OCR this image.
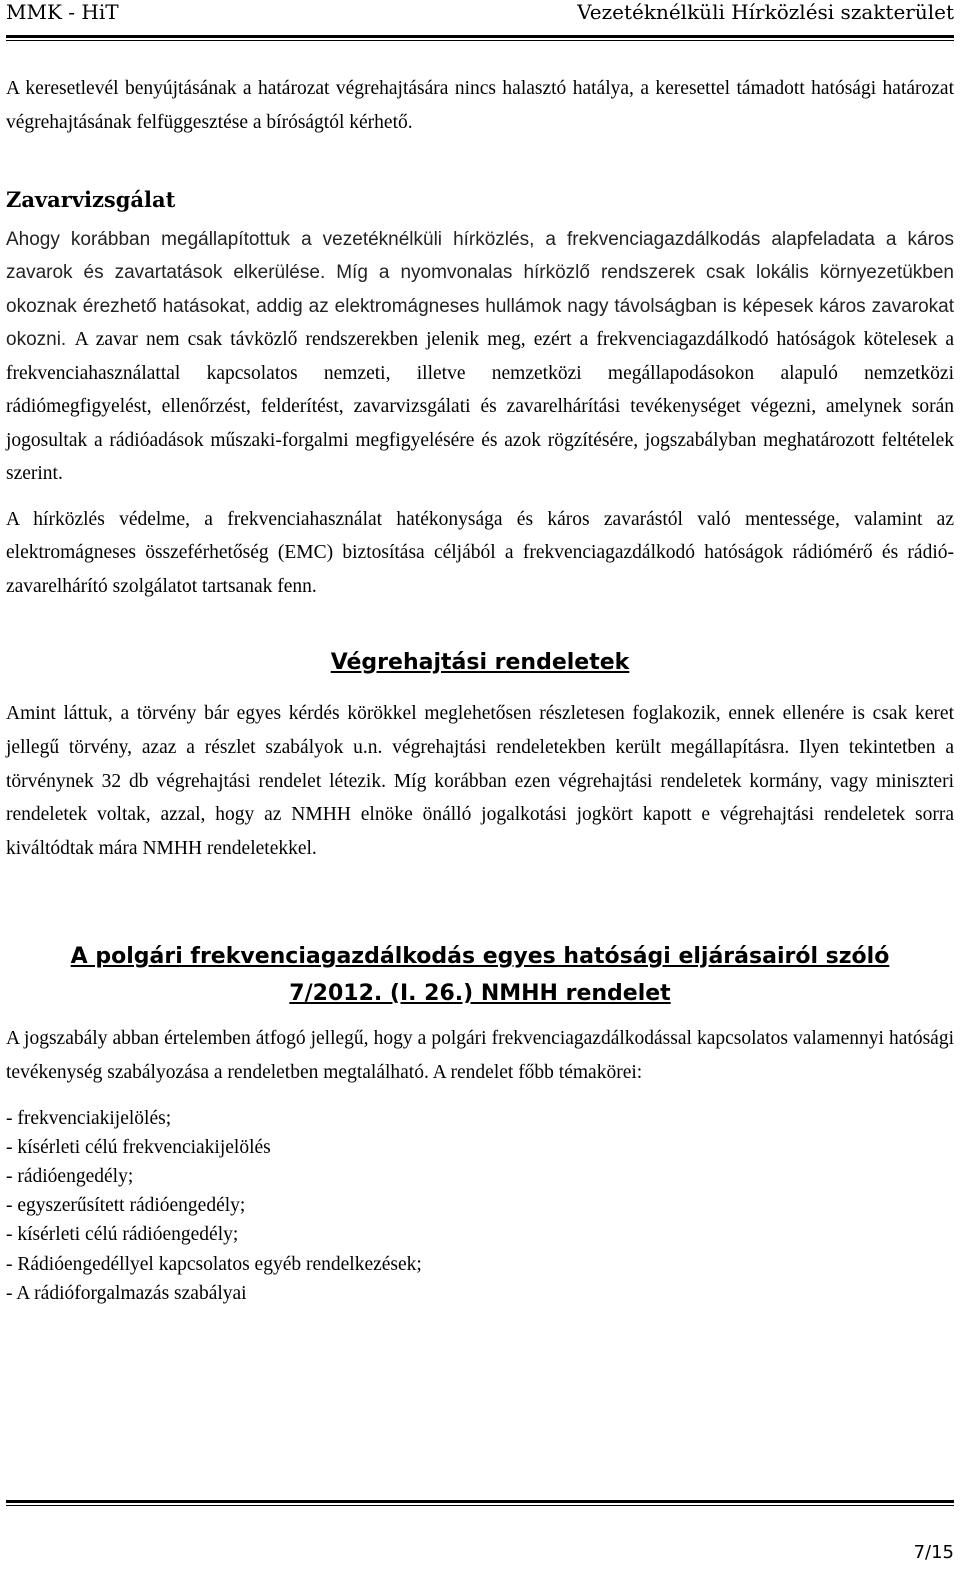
MMK - HiT	Vezetéknélküli Hírközlési szakterület

A keresetlevél benyújtásának a határozat végrehajtására nincs halasztó hatálya, a keresettel támadott hatósági határozat végrehajtásának felfüggesztése a bíróságtól kérhető.

Zavarvizsgálat

Ahogy korábban megállapítottuk a vezetéknélküli hírközlés, a frekvenciagazdálkodás alapfeladata a káros zavarok és zavartatások elkerülése. Míg a nyomvonalas hírközlő rendszerek csak lokális környezetükben okoznak érezhető hatásokat, addig az elektromágneses hullámok nagy távolságban is képesek káros zavarokat okozni. A zavar nem csak távközlő rendszerekben jelenik meg, ezért a frekvenciagazdálkodó hatóságok kötelesek a frekvenciahasználattal kapcsolatos nemzeti, illetve nemzetközi megállapodásokon alapuló nemzetközi rádiómegfigyelést, ellenőrzést, felderítést, zavarvizsgálati és zavarelhárítási tevékenységet végezni, amelynek során jogosultak a rádióadások műszaki-forgalmi megfigyelésére és azok rögzítésére, jogszabályban meghatározott feltételek szerint.

A hírközlés védelme, a frekvenciahasználat hatékonysága és káros zavarástól való mentessége, valamint az elektromágneses összeférhetőség (EMC) biztosítása céljából a frekvenciagazdálkodó hatóságok rádiómérő és rádió-zavarelhárító szolgálatot tartsanak fenn.

Végrehajtási rendeletek

Amint láttuk, a törvény bár egyes kérdés körökkel meglehetősen részletesen foglakozik, ennek ellenére is csak keret jellegű törvény, azaz a részlet szabályok u.n. végrehajtási rendeletekben került megállapításra. Ilyen tekintetben a törvénynek 32 db végrehajtási rendelet létezik. Míg korábban ezen végrehajtási rendeletek kormány, vagy miniszteri rendeletek voltak, azzal, hogy az NMHH elnöke önálló jogalkotási jogkört kapott e végrehajtási rendeletek sorra kiváltódtak mára NMHH rendeletekkel.

A polgári frekvenciagazdálkodás egyes hatósági eljárásairól szóló
7/2012. (I. 26.) NMHH rendelet

A jogszabály abban értelemben átfogó jellegű, hogy a polgári frekvenciagazdálkodással kapcsolatos valamennyi hatósági tevékenység szabályozása a rendeletben megtalálható. A rendelet főbb témakörei:

- frekvenciakijelölés;
- kísérleti célú frekvenciakijelölés
- rádióengedély;
- egyszerűsített rádióengedély;
- kísérleti célú rádióengedély;
- Rádióengedéllyel kapcsolatos egyéb rendelkezések;
- A rádióforgalmazás szabályai
7/15
